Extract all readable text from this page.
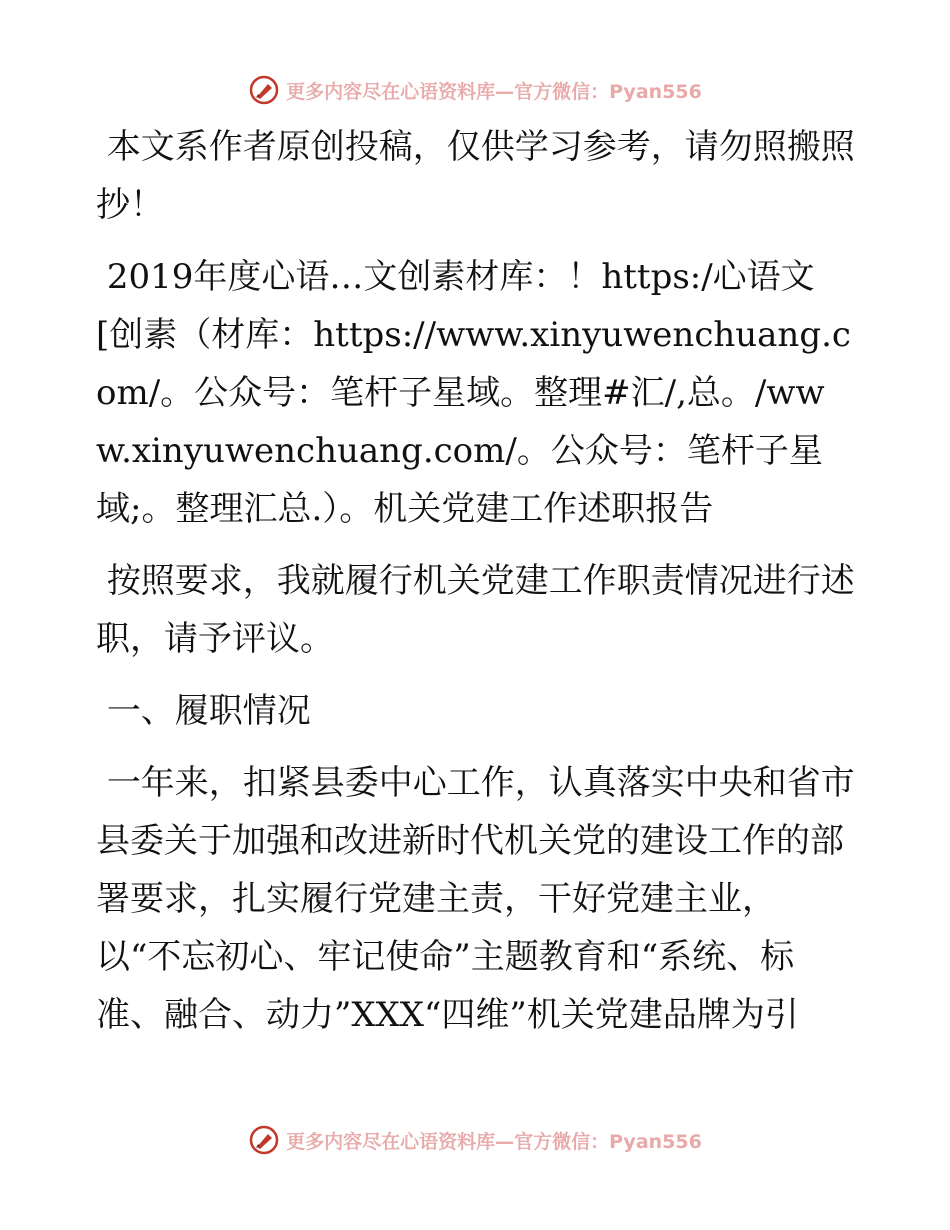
更多内容尽在心语资料库—官方微信：Pyan556

本文系作者原创投稿，仅供学习参考，请勿照搬照抄！

2019年度心语…文创素材库：！https:/心语文[创素（材库：https://www.xinyuwenchuang.com/。公众号：笔杆子星域。整理#汇/,总。/www.xinyuwenchuang.com/。公众号：笔杆子星域;。整理汇总.）。机关党建工作述职报告

按照要求，我就履行机关党建工作职责情况进行述职，请予评议。

一、履职情况

一年来，扣紧县委中心工作，认真落实中央和省市县委关于加强和改进新时代机关党的建设工作的部署要求，扎实履行党建主责，干好党建主业，以“不忘初心、牢记使命”主题教育和“系统、标准、融合、动力”XXX“四维”机关党建品牌为引

更多内容尽在心语资料库—官方微信：Pyan556
